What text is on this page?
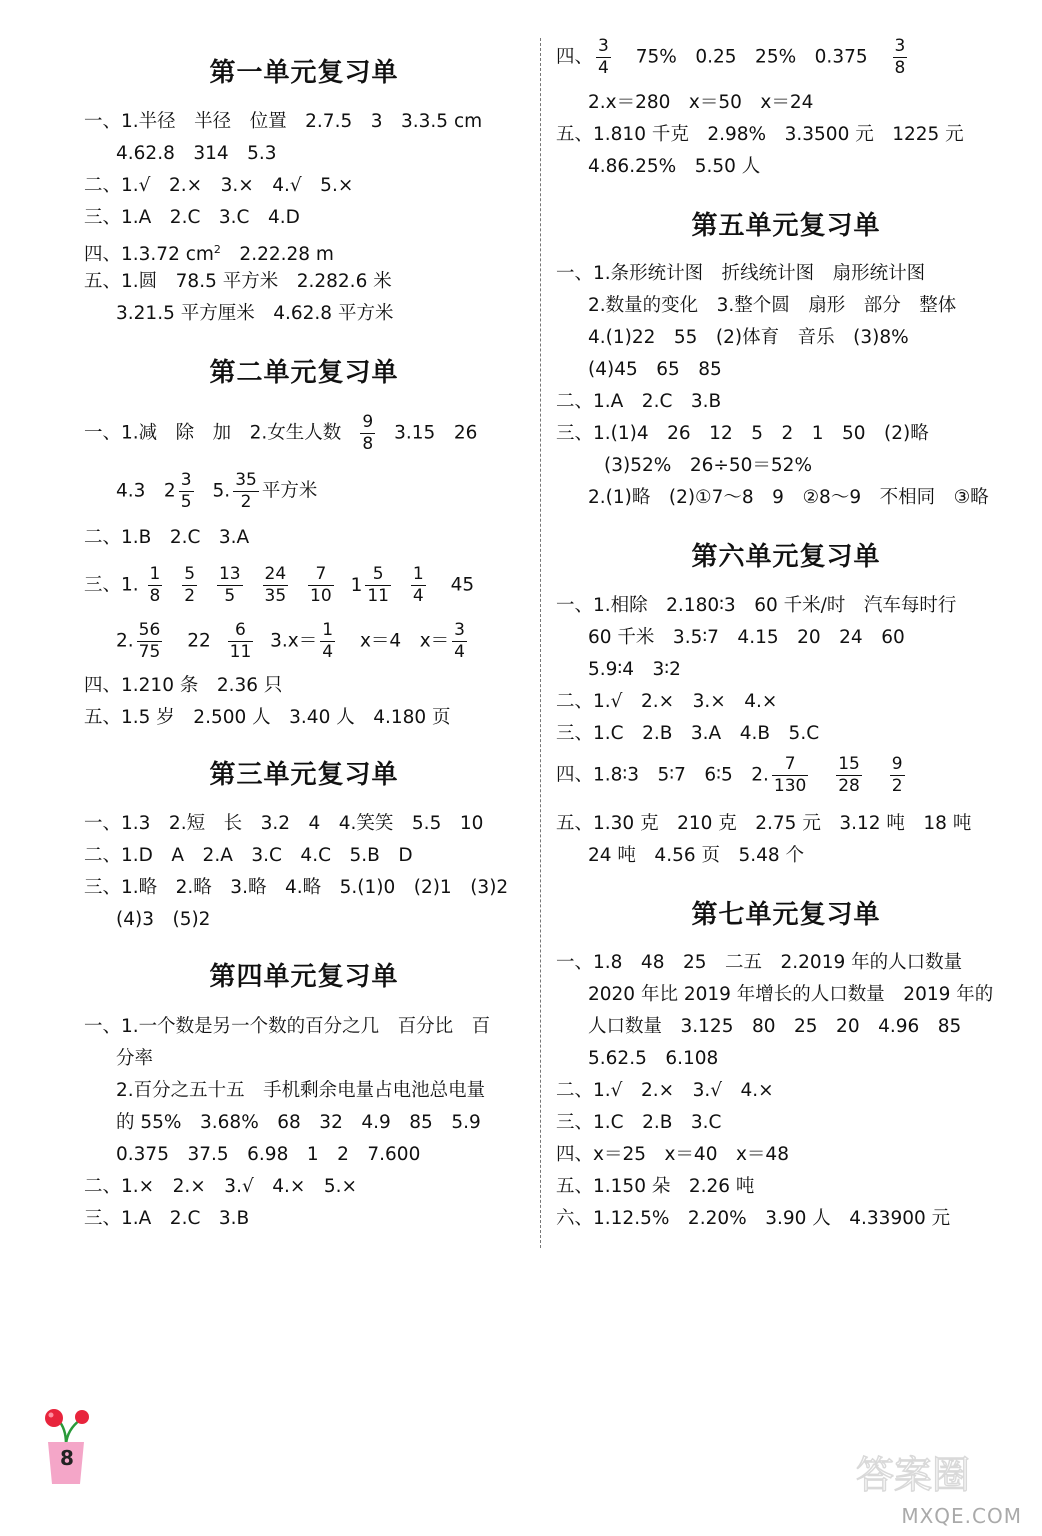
第一单元复习单
一、1.半径　半径　位置　2.7.5　3　3.3.5 cm
4.62.8　314　5.3
二、1.√　2.×　3.×　4.√　5.×
三、1.A　2.C　3.C　4.D
四、1.3.72 $cm^2$　2.22.28 m
五、1.圆　78.5 平方米　2.282.6 米
3.21.5 平方厘米　4.62.8 平方米
第二单元复习单
一、1.减　除　加　2.女生人数 $\frac{9}{8} 3.15$　26
4.3　$2 \frac{3}{5} 5$. $\frac{35}{2}$ 平方米
二、1.B　2.C　3.A
三、1. $\frac{1}{8}$
$\frac{5}{2}$
$\frac{13}{5}$
$\frac{24}{35}$
$\frac{7}{10} 1 \frac{5}{11}$
$\frac{1}{4} 45$
2. $\frac{56}{75} 22 \frac{6}{11} 3.x= \frac{1}{4} x=4$　$x= \frac{3}{4}$
四、1.210 条　2.36 只
五、1.5 岁　2.500 人　3.40 人　4.180 页
第三单元复习单
一、1.3　2.短　长　3.2　4　4.笑笑　5.5　10
二、1.D　A　2.A　3.C　4.C　5.B　D
三、1.略　2.略　3.略　4.略　5.(1)0　(2)1　(3)2
(4)3　(5)2
第四单元复习单
一、1.一个数是另一个数的百分之几　百分比　百
分率
2.百分之五十五　手机剩余电量占电池总电量
的 55%　3.68%　68　32　4.9　85　5.9
0.375　37.5　6.98　1　2　7.600
二、1.×　2.×　3.√　4.×　5.×
三、1.A　2.C　3.B
四、 $\frac{3}{4} 75\%$　0.25　25%　$0.375 \frac{3}{8}$
2.x＝280　x＝50　x＝24
五、1.810 千克　2.98%　3.3500 元　1225 元
4.86.25%　5.50 人
第五单元复习单
一、1.条形统计图　折线统计图　扇形统计图
2.数量的变化　3.整个圆　扇形　部分　整体
4.(1)22　55　(2)体育　音乐　(3)8%
(4)45　65　85
二、1.A　2.C　3.B
三、1.(1)4　26　12　5　2　1　50　(2)略
(3)52%　26÷50＝52%
2.(1)略　(2)①7～8　9　②8～9　不相同　③略
第六单元复习单
一、1.相除　2.180∶3　60 千米/时　汽车每时行
60 千米　3.5∶7　4.15　20　24　60
5.9∶4　3∶2
二、1.√　2.×　3.×　4.×
三、1.C　2.B　3.A　4.B　5.C
四、1.8∶3　5∶7　6∶5　2. $\frac{7}{130}$
$\frac{15}{28}$
$\frac{9}{2}$
五、1.30 克　210 克　2.75 元　3.12 吨　18 吨
24 吨　4.56 页　5.48 个
第七单元复习单
一、1.8　48　25　二五　2.2019 年的人口数量
2020 年比 2019 年增长的人口数量　2019 年的
人口数量　3.125　80　25　20　4.96　85
5.62.5　6.108
二、1.√　2.×　3.√　4.×
三、1.C　2.B　3.C
四、x＝25　x＝40　x＝48
五、1.150 朵　2.26 吨
六、1.12.5%　2.20%　3.90 人　4.33900 元
8	答案圈
MXQE.COM
